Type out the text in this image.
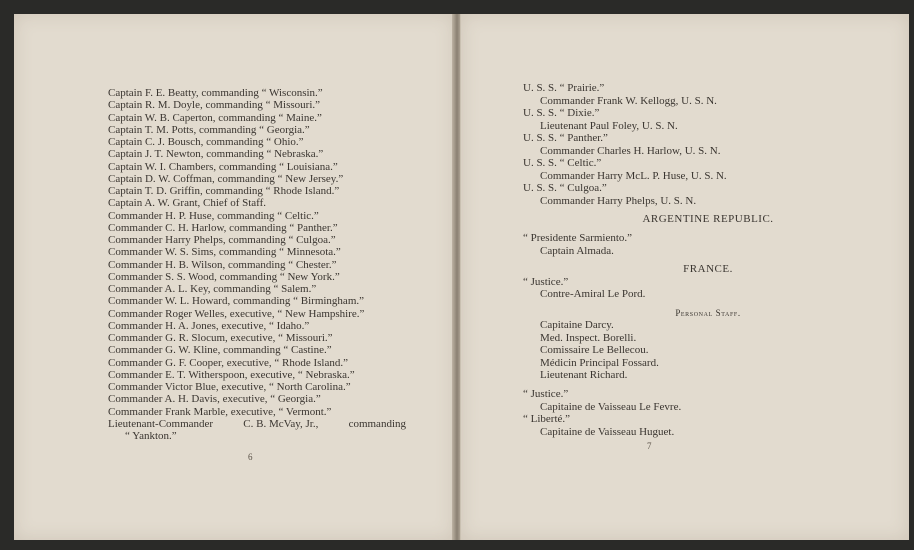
Captain F. E. Beatty, commanding “ Wisconsin.”
Captain R. M. Doyle, commanding “ Missouri.”
Captain W. B. Caperton, commanding “ Maine.”
Captain T. M. Potts, commanding “ Georgia.”
Captain C. J. Bousch, commanding “ Ohio.”
Captain J. T. Newton, commanding “ Nebraska.”
Captain W. I. Chambers, commanding “ Louisiana.”
Captain D. W. Coffman, commanding “ New Jersey.”
Captain T. D. Griffin, commanding “ Rhode Island.”
Captain A. W. Grant, Chief of Staff.
Commander H. P. Huse, commanding “ Celtic.”
Commander C. H. Harlow, commanding “ Panther.”
Commander Harry Phelps, commanding “ Culgoa.”
Commander W. S. Sims, commanding “ Minnesota.”
Commander H. B. Wilson, commanding “ Chester.”
Commander S. S. Wood, commanding “ New York.”
Commander A. L. Key, commanding “ Salem.”
Commander W. L. Howard, commanding “ Birmingham.”
Commander Roger Welles, executive, “ New Hampshire.”
Commander H. A. Jones, executive, “ Idaho.”
Commander G. R. Slocum, executive, “ Missouri.”
Commander G. W. Kline, commanding “ Castine.”
Commander G. F. Cooper, executive, “ Rhode Island.”
Commander E. T. Witherspoon, executive, “ Nebraska.”
Commander Victor Blue, executive, “ North Carolina.”
Commander A. H. Davis, executive, “ Georgia.”
Commander Frank Marble, executive, “ Vermont.”
Lieutenant-Commander	C. B. McVay, Jr.,	commanding
“ Yankton.”
6
U. S. S. “ Prairie.”
Commander Frank W. Kellogg, U. S. N.
U. S. S. “ Dixie.”
Lieutenant Paul Foley, U. S. N.
U. S. S. “ Panther.”
Commander Charles H. Harlow, U. S. N.
U. S. S. “ Celtic.”
Commander Harry McL. P. Huse, U. S. N.
U. S. S. “ Culgoa.”
Commander Harry Phelps, U. S. N.
ARGENTINE REPUBLIC.
“ Presidente Sarmiento.”
Captain Almada.
FRANCE.
“ Justice.”
Contre-Amiral Le Pord.
Personal Staff.
Capitaine Darcy.
Med. Inspect. Borelli.
Comissaire Le Bellecou.
Médicin Principal Fossard.
Lieutenant Richard.
“ Justice.”
Capitaine de Vaisseau Le Fevre.
“ Liberté.”
Capitaine de Vaisseau Huguet.
7
